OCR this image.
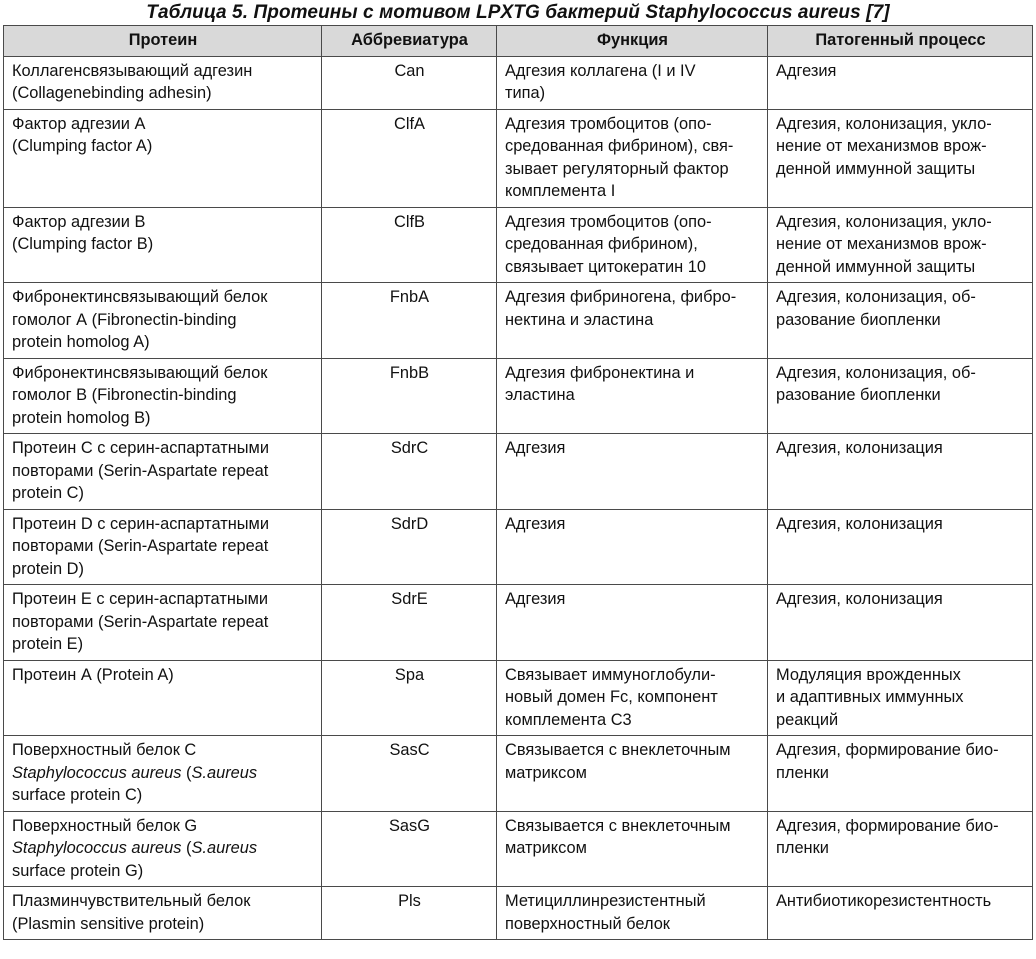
Таблица 5. Протеины с мотивом LPXTG бактерий Staphylococcus aureus [7]
Протеин	Аббревиатура	Функция	Патогенный процесс

Коллагенсвязывающий адгезин
(Collagenebinding adhesin)	Can	Адгезия коллагена (I и IV
типа)	Адгезия

Фактор адгезии А
(Clumping factor A)	ClfA	Адгезия тромбоцитов (опо-
средованная фибрином), свя-
зывает регуляторный фактор
комплемента I	Адгезия, колонизация, укло-
нение от механизмов врож-
денной иммунной защиты

Фактор адгезии В
(Clumping factor B)	ClfB	Адгезия тромбоцитов (опо-
средованная фибрином),
связывает цитокератин 10	Адгезия, колонизация, укло-
нение от механизмов врож-
денной иммунной защиты

Фибронектинсвязывающий белок
гомолог А (Fibronectin-binding
protein homolog A)	FnbA	Адгезия фибриногена, фибро-
нектина и эластина	Адгезия, колонизация, об-
разование биопленки

Фибронектинсвязывающий белок
гомолог В (Fibronectin-binding
protein homolog B)	FnbB	Адгезия фибронектина и
эластина	Адгезия, колонизация, об-
разование биопленки

Протеин С с серин-аспартатными
повторами (Serin-Aspartate repeat
protein C)	SdrC	Адгезия	Адгезия, колонизация

Протеин D с серин-аспартатными
повторами (Serin-Aspartate repeat
protein D)	SdrD	Адгезия	Адгезия, колонизация

Протеин Е с серин-аспартатными
повторами (Serin-Aspartate repeat
protein E)	SdrE	Адгезия	Адгезия, колонизация

Протеин А (Protein A)	Spa	Связывает иммуноглобули-
новый домен Fc, компонент
комплемента С3	Модуляция врожденных
и адаптивных иммунных
реакций

Поверхностный белок С
Staphylococcus aureus (S.aureus
surface protein C)	SasC	Связывается с внеклеточным
матриксом	Адгезия, формирование био-
пленки

Поверхностный белок G
Staphylococcus aureus (S.aureus
surface protein G)	SasG	Связывается с внеклеточным
матриксом	Адгезия, формирование био-
пленки

Плазминчувствительный белок
(Plasmin sensitive protein)	Pls	Метициллинрезистентный
поверхностный белок	Антибиотикорезистентность
